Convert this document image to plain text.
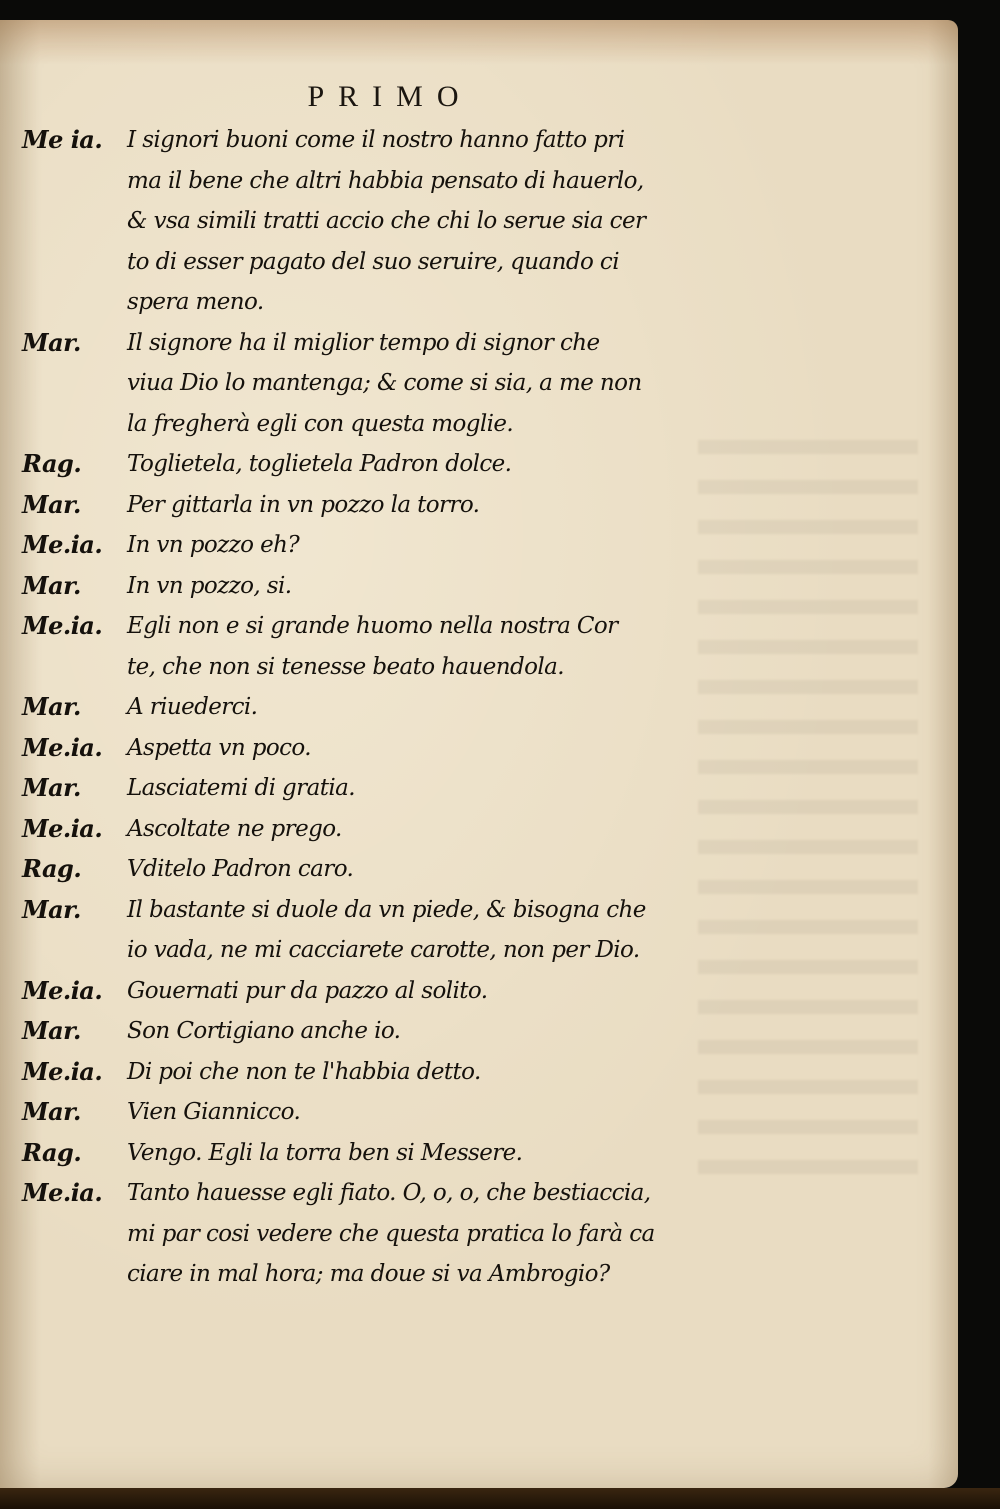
PRIMO
Me ia.	I signori buoni come il nostro hanno fatto pri
ma il bene che altri habbia pensato di hauerlo,
& vsa simili tratti accio che chi lo serue sia cer
to di esser pagato del suo seruire, quando ci
spera meno.
Mar.	Il signore ha il miglior tempo di signor che
viua Dio lo mantenga; & come si sia, a me non
la fregherà egli con questa moglie.
Rag.	Toglietela, toglietela Padron dolce.
Mar.	Per gittarla in vn pozzo la torro.
Me.ia.	In vn pozzo eh?
Mar.	In vn pozzo, si.
Me.ia.	Egli non e si grande huomo nella nostra Cor
te, che non si tenesse beato hauendola.
Mar.	A riuederci.
Me.ia.	Aspetta vn poco.
Mar.	Lasciatemi di gratia.
Me.ia.	Ascoltate ne prego.
Rag.	Vditelo Padron caro.
Mar.	Il bastante si duole da vn piede, & bisogna che
io vada, ne mi cacciarete carotte, non per Dio.
Me.ia.	Gouernati pur da pazzo al solito.
Mar.	Son Cortigiano anche io.
Me.ia.	Di poi che non te l'habbia detto.
Mar.	Vien Giannicco.
Rag.	Vengo. Egli la torra ben si Messere.
Me.ia.	Tanto hauesse egli fiato. O, o, o, che bestiaccia,
mi par cosi vedere che questa pratica lo farà ca
ciare in mal hora; ma doue si va Ambrogio?
